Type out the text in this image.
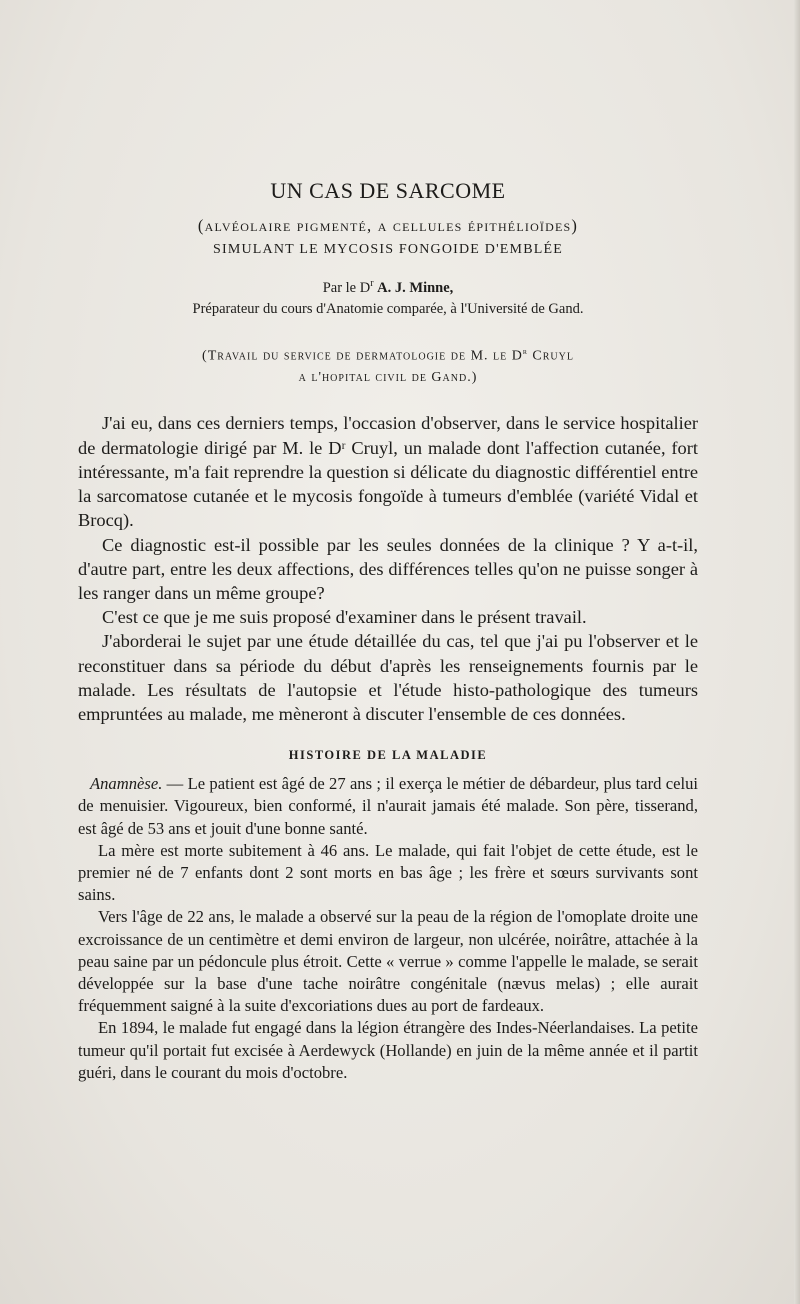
UN CAS DE SARCOME

(alvéolaire pigmenté, a cellules épithélioïdes)

SIMULANT LE MYCOSIS FONGOIDE D'EMBLÉE

Par le $D^r$ A. J. Minne,

Préparateur du cours d'Anatomie comparée, à l'Université de Gand.

(Travail du service de dermatologie de M. le $D^r$ Cruyl
a l'hopital civil de Gand.)

J'ai eu, dans ces derniers temps, l'occasion d'observer, dans le service hospitalier de dermatologie dirigé par M. le Dʳ Cruyl, un malade dont l'affection cutanée, fort intéressante, m'a fait reprendre la question si délicate du diagnostic différentiel entre la sarcomatose cutanée et le mycosis fongoïde à tumeurs d'emblée (variété Vidal et Brocq).

Ce diagnostic est-il possible par les seules données de la clinique ? Y a-t-il, d'autre part, entre les deux affections, des différences telles qu'on ne puisse songer à les ranger dans un même groupe?

C'est ce que je me suis proposé d'examiner dans le présent travail.

J'aborderai le sujet par une étude détaillée du cas, tel que j'ai pu l'observer et le reconstituer dans sa période du début d'après les renseignements fournis par le malade. Les résultats de l'autopsie et l'étude histo-pathologique des tumeurs empruntées au malade, me mèneront à discuter l'ensemble de ces données.

HISTOIRE DE LA MALADIE

Anamnèse. — Le patient est âgé de 27 ans ; il exerça le métier de débardeur, plus tard celui de menuisier. Vigoureux, bien conformé, il n'aurait jamais été malade. Son père, tisserand, est âgé de 53 ans et jouit d'une bonne santé.

La mère est morte subitement à 46 ans. Le malade, qui fait l'objet de cette étude, est le premier né de 7 enfants dont 2 sont morts en bas âge ; les frère et sœurs survivants sont sains.

Vers l'âge de 22 ans, le malade a observé sur la peau de la région de l'omoplate droite une excroissance de un centimètre et demi environ de largeur, non ulcérée, noirâtre, attachée à la peau saine par un pédoncule plus étroit. Cette « verrue » comme l'appelle le malade, se serait développée sur la base d'une tache noirâtre congénitale (nævus melas) ; elle aurait fréquemment saigné à la suite d'excoriations dues au port de fardeaux.

En 1894, le malade fut engagé dans la légion étrangère des Indes-Néerlandaises. La petite tumeur qu'il portait fut excisée à Aerdewyck (Hollande) en juin de la même année et il partit guéri, dans le courant du mois d'octobre.
